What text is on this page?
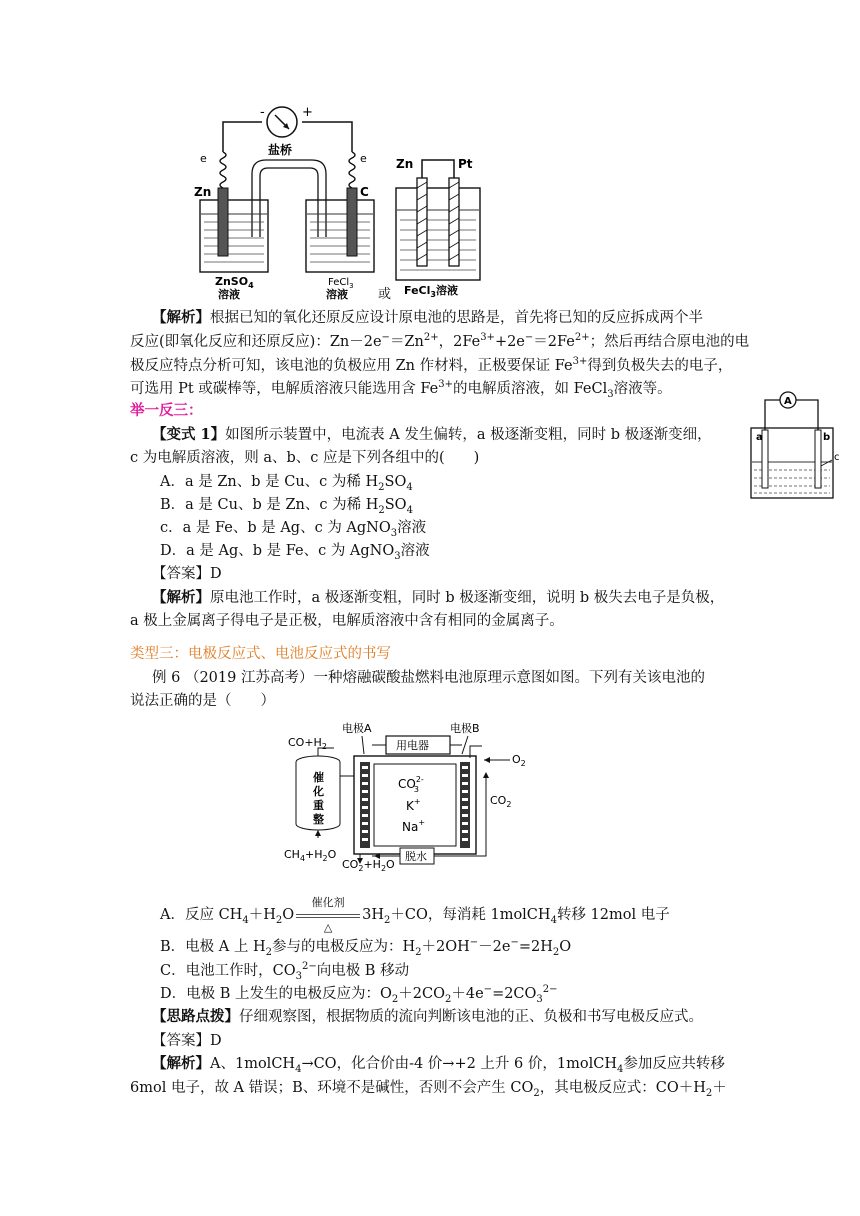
-	+
e	e
盐桥
Zn	C
ZnSO$_4$
溶液
FeCl$_3$
溶液 或
Zn	Pt
FeCl$_3$溶液
A
a	b
c
【解析】根据已知的氧化还原反应设计原电池的思路是，首先将已知的反应拆成两个半
反应(即氧化反应和还原反应)：$Zn-2e^-=Zn^{2+}$，$2Fe^{3+}+2e^-=2Fe^{2+}$；然后再结合原电池的电
极反应特点分析可知，该电池的负极应用 Zn 作材料，正极要保证 $Fe^{3+}$得到负极失去的电子，
可选用 Pt 或碳棒等，电解质溶液只能选用含 $Fe^{3+}$的电解质溶液，如 FeCl$_3$溶液等。
举一反三：
【变式 1】如图所示装置中，电流表 A 发生偏转，a 极逐渐变粗，同时 b 极逐渐变细，
c 为电解质溶液，则 a、b、c 应是下列各组中的(　　)
A．a 是 Zn、b 是 Cu、c 为稀 $H_2SO_4$
B．a 是 Cu、b 是 Zn、c 为稀 $H_2SO_4$
c．a 是 Fe、b 是 Ag、c 为 AgNO$_3$溶液
D．a 是 Ag、b 是 Fe、c 为 AgNO$_3$溶液
【答案】D
【解析】原电池工作时，a 极逐渐变粗，同时 b 极逐渐变细，说明 b 极失去电子是负极，
a 极上金属离子得电子是正极，电解质溶液中含有相同的金属离子。
类型三：电极反应式、电池反应式的书写
例 6 （2019 江苏高考）一种熔融碳酸盐燃料电池原理示意图如图。下列有关该电池的
说法正确的是（　　）
电极A	电极B
用电器
$CO+H_2$
催
化
重
整
$CH_4+H_2O$
$CO^{2-}3$
K+
Na+
$O_2$
$CO_2$
$CO_2+H_2O$
脱水
A．反应 $CH_4+H_2O \frac{\text{催化剂}}{\triangle} 3H_2+CO$，每消耗 1molCH$_4$转移 12mol 电子
B．电极 A 上 $H_2$参与的电极反应为：$H_2+2OH^--2e^-=2H_2O$
C．电池工作时，$CO_3^{2-}$向电极 B 移动
D．电极 B 上发生的电极反应为：$O_2+2CO_2+4e^-=2CO_3^{2-}$
【思路点拨】仔细观察图，根据物质的流向判断该电池的正、负极和书写电极反应式。
【答案】D
【解析】A、1molCH$_4$→CO，化合价由-4 价→+2 上升 6 价，1molCH$_4$参加反应共转移
6mol 电子，故 A 错误；B、环境不是碱性，否则不会产生 $CO_2$，其电极反应式：$CO+H_2+$
